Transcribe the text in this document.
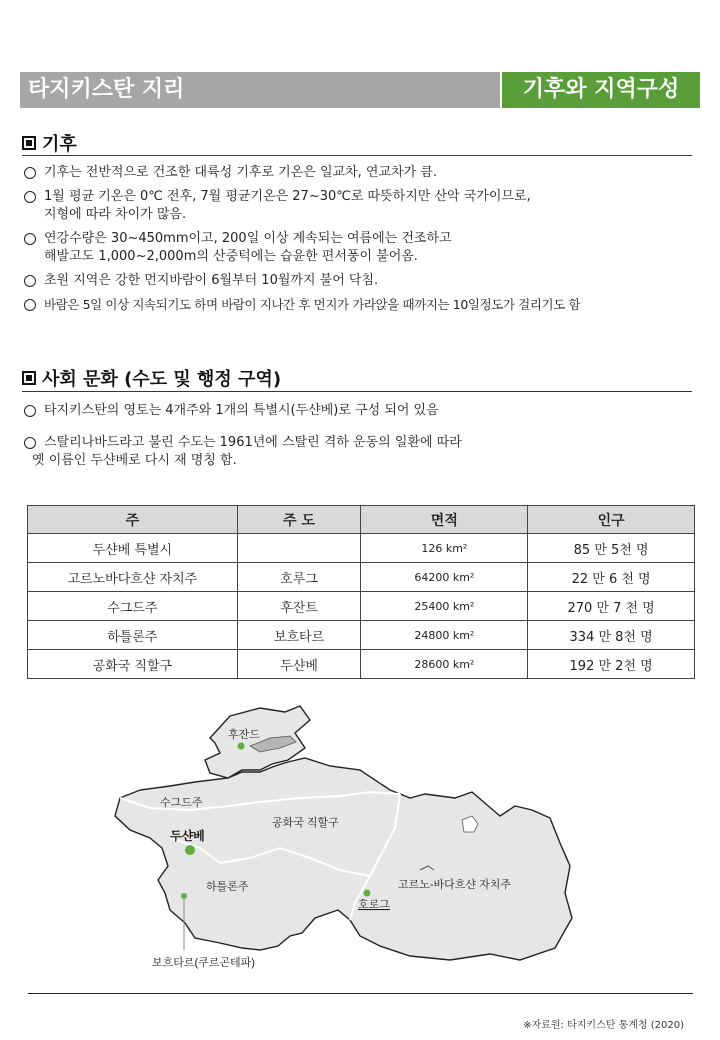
타지키스탄 지리	기후와 지역구성
기후
기후는 전반적으로 건조한 대륙성 기후로 기온은 일교차, 연교차가 큼.
1월 평균 기온은 0℃ 전후, 7월 평균기온은 27~30℃로 따뜻하지만 산악 국가이므로,
지형에 따라 차이가 많음.
연강수량은 30~450mm이고, 200일 이상 계속되는 여름에는 건조하고
해발고도 1,000~2,000m의 산중턱에는 습윤한 편서풍이 불어옴.
초원 지역은 강한 먼지바람이 6월부터 10월까지 불어 닥침.
바람은 5일 이상 지속되기도 하며 바람이 지나간 후 먼지가 가라앉을 때까지는 10일정도가 걸리기도 함
사회 문화 (수도 및 행정 구역)
타지키스탄의 영토는 4개주와 1개의 특별시(두샨베)로 구성 되어 있음
스탈리나바드라고 불린 수도는 1961년에 스탈린 격하 운동의 일환에 따라
옛 이름인 두샨베로 다시 재 명칭 함.
주	주 도	면적	인구
두샨베 특별시		126 km²	85 만 5천 명
고르노바다흐샨 자치주	호루그	64200 km²	22 만 6 천 명
수그드주	후잔트	25400 km²	270 만 7 천 명
하틀론주	보흐타르	24800 km²	334 만 8천 명
공화국 직할구	두샨베	28600 km²	192 만 2천 명
후잔드
수그드주
두샨베
공화국 직할구
하틀론주	고르노-바다흐샨 자치주
호로그
보흐타르(쿠르곤테파)
※자료원: 타지키스탄 통계청 (2020)
